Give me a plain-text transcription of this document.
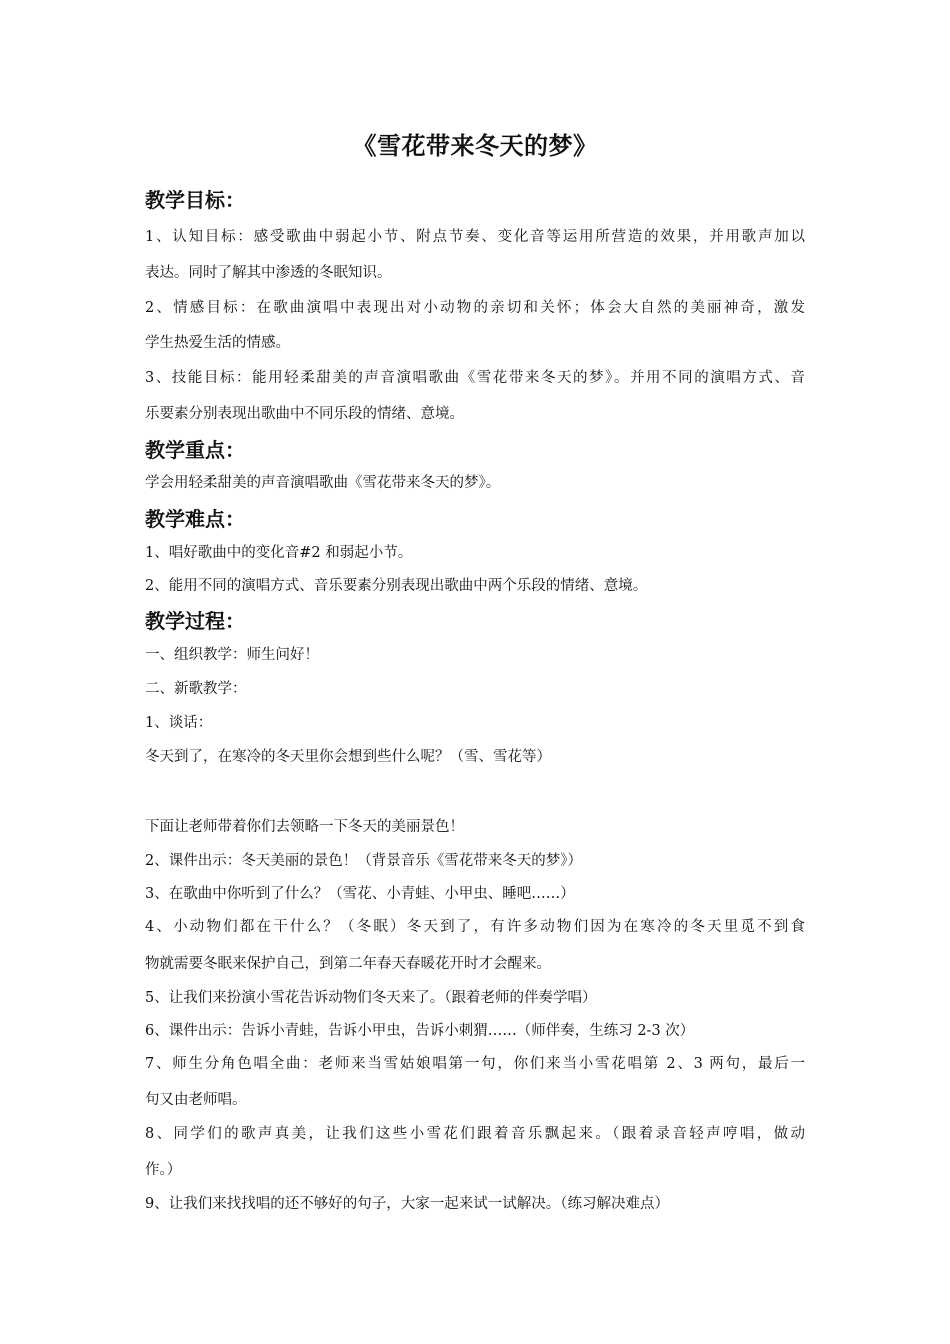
《雪花带来冬天的梦》
教学目标：
1、认知目标：感受歌曲中弱起小节、附点节奏、变化音等运用所营造的效果，并用歌声加以
表达。同时了解其中渗透的冬眠知识。
2、情感目标：在歌曲演唱中表现出对小动物的亲切和关怀；体会大自然的美丽神奇，激发
学生热爱生活的情感。
3、技能目标：能用轻柔甜美的声音演唱歌曲《雪花带来冬天的梦》。并用不同的演唱方式、音
乐要素分别表现出歌曲中不同乐段的情绪、意境。
教学重点：
学会用轻柔甜美的声音演唱歌曲《雪花带来冬天的梦》。
教学难点：
1、唱好歌曲中的变化音#2 和弱起小节。
2、能用不同的演唱方式、音乐要素分别表现出歌曲中两个乐段的情绪、意境。
教学过程：
一、组织教学：师生问好！
二、新歌教学：
1、谈话：
冬天到了，在寒冷的冬天里你会想到些什么呢？（雪、雪花等）
下面让老师带着你们去领略一下冬天的美丽景色！
2、课件出示：冬天美丽的景色！（背景音乐《雪花带来冬天的梦》）
3、在歌曲中你听到了什么？（雪花、小青蛙、小甲虫、睡吧……）
4、小动物们都在干什么？（冬眠）冬天到了，有许多动物们因为在寒冷的冬天里觅不到食
物就需要冬眠来保护自己，到第二年春天春暖花开时才会醒来。
5、让我们来扮演小雪花告诉动物们冬天来了。（跟着老师的伴奏学唱）
6、课件出示：告诉小青蛙，告诉小甲虫，告诉小刺猬……（师伴奏，生练习 2-3 次）
7、师生分角色唱全曲：老师来当雪姑娘唱第一句，你们来当小雪花唱第 2、3 两句，最后一
句又由老师唱。
8、同学们的歌声真美，让我们这些小雪花们跟着音乐飘起来。（跟着录音轻声哼唱，做动
作。）
9、让我们来找找唱的还不够好的句子，大家一起来试一试解决。（练习解决难点）
